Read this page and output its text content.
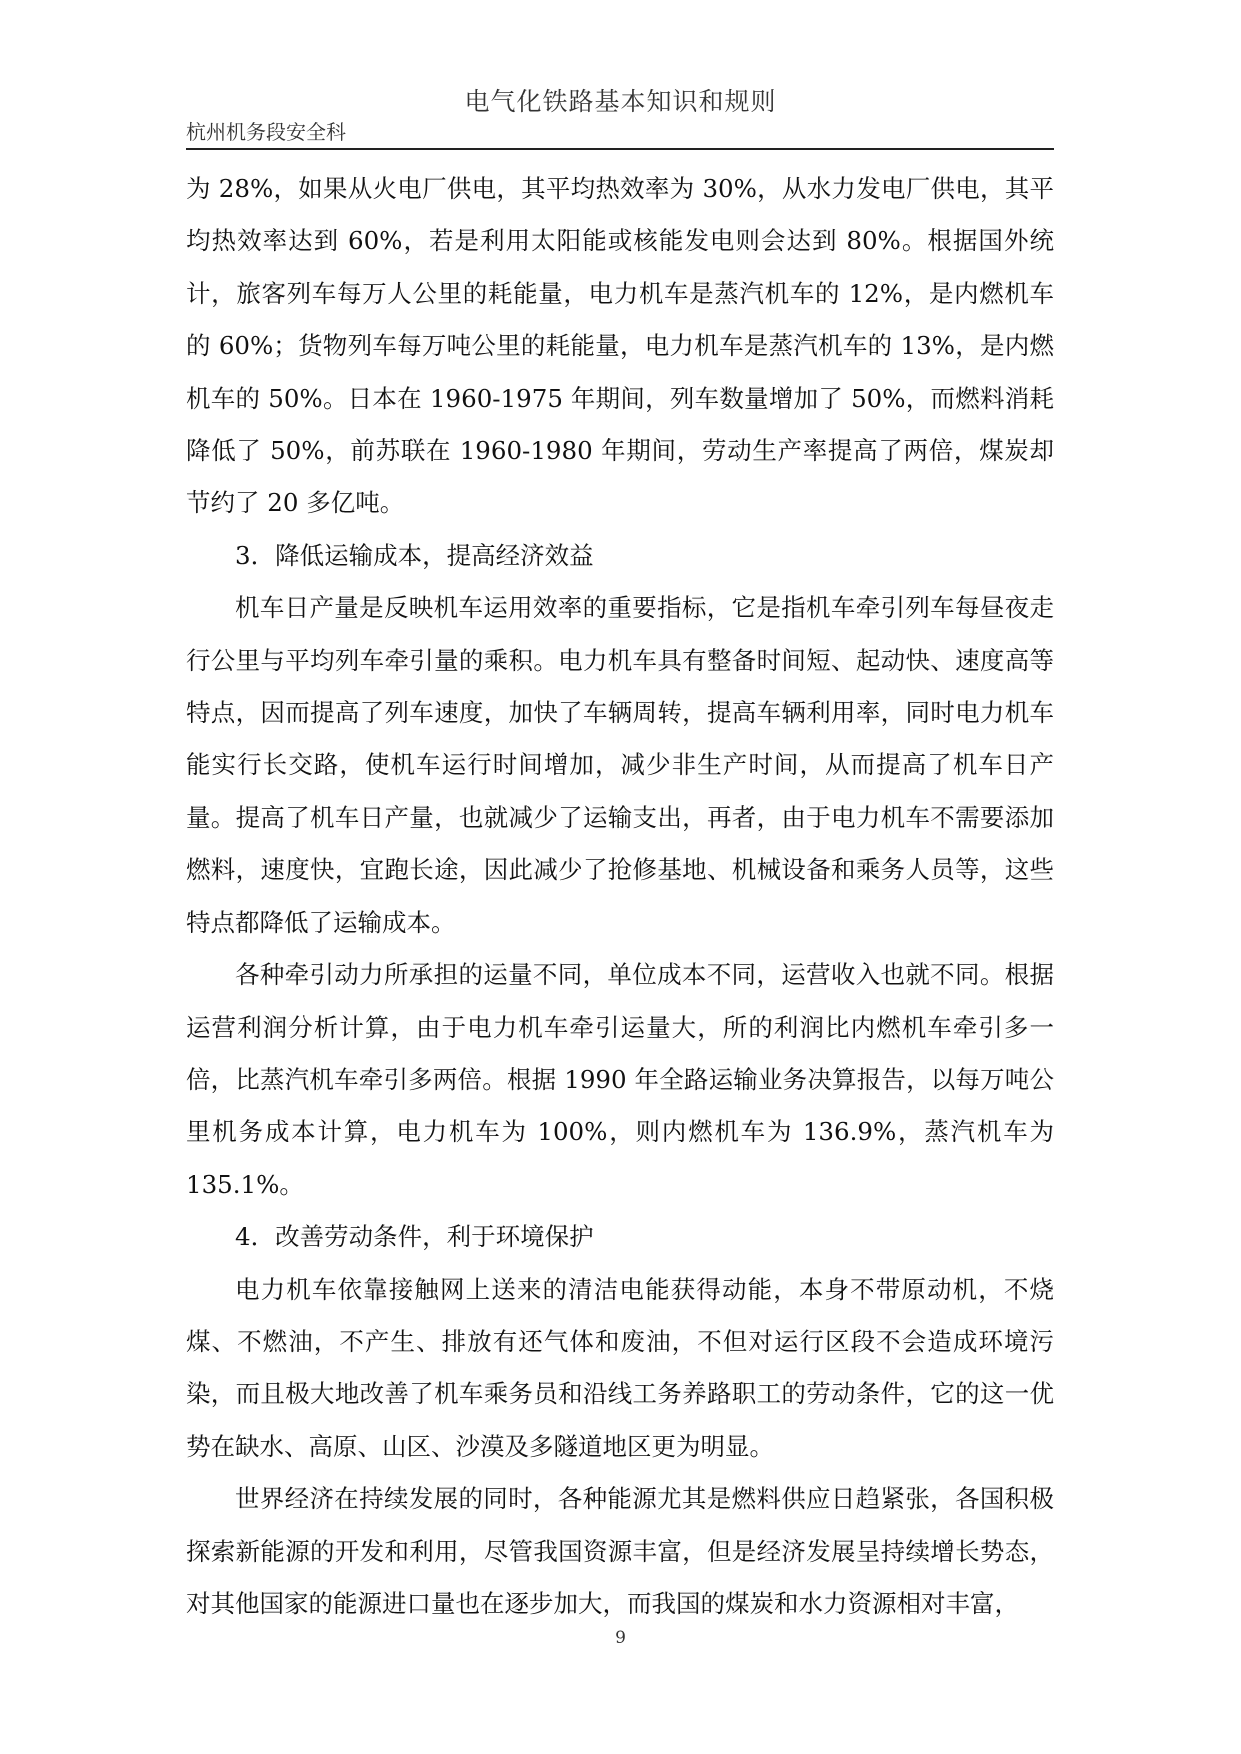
电气化铁路基本知识和规则
杭州机务段安全科

为 28%，如果从火电厂供电，其平均热效率为 30%，从水力发电厂供电，其平均热效率达到 60%，若是利用太阳能或核能发电则会达到 80%。根据国外统计，旅客列车每万人公里的耗能量，电力机车是蒸汽机车的 12%，是内燃机车的 60%；货物列车每万吨公里的耗能量，电力机车是蒸汽机车的 13%，是内燃机车的 50%。日本在 1960-1975 年期间，列车数量增加了 50%，而燃料消耗降低了 50%，前苏联在 1960-1980 年期间，劳动生产率提高了两倍，煤炭却节约了 20 多亿吨。

3．降低运输成本，提高经济效益

机车日产量是反映机车运用效率的重要指标，它是指机车牵引列车每昼夜走行公里与平均列车牵引量的乘积。电力机车具有整备时间短、起动快、速度高等特点，因而提高了列车速度，加快了车辆周转，提高车辆利用率，同时电力机车能实行长交路，使机车运行时间增加，减少非生产时间，从而提高了机车日产量。提高了机车日产量，也就减少了运输支出，再者，由于电力机车不需要添加燃料，速度快，宜跑长途，因此减少了抢修基地、机械设备和乘务人员等，这些特点都降低了运输成本。

各种牵引动力所承担的运量不同，单位成本不同，运营收入也就不同。根据运营利润分析计算，由于电力机车牵引运量大，所的利润比内燃机车牵引多一倍，比蒸汽机车牵引多两倍。根据 1990 年全路运输业务决算报告，以每万吨公里机务成本计算，电力机车为 100%，则内燃机车为 136.9%，蒸汽机车为 135.1%。

4．改善劳动条件，利于环境保护

电力机车依靠接触网上送来的清洁电能获得动能，本身不带原动机，不烧煤、不燃油，不产生、排放有还气体和废油，不但对运行区段不会造成环境污染，而且极大地改善了机车乘务员和沿线工务养路职工的劳动条件，它的这一优势在缺水、高原、山区、沙漠及多隧道地区更为明显。

世界经济在持续发展的同时，各种能源尤其是燃料供应日趋紧张，各国积极探索新能源的开发和利用，尽管我国资源丰富，但是经济发展呈持续增长势态，对其他国家的能源进口量也在逐步加大，而我国的煤炭和水力资源相对丰富，

9
